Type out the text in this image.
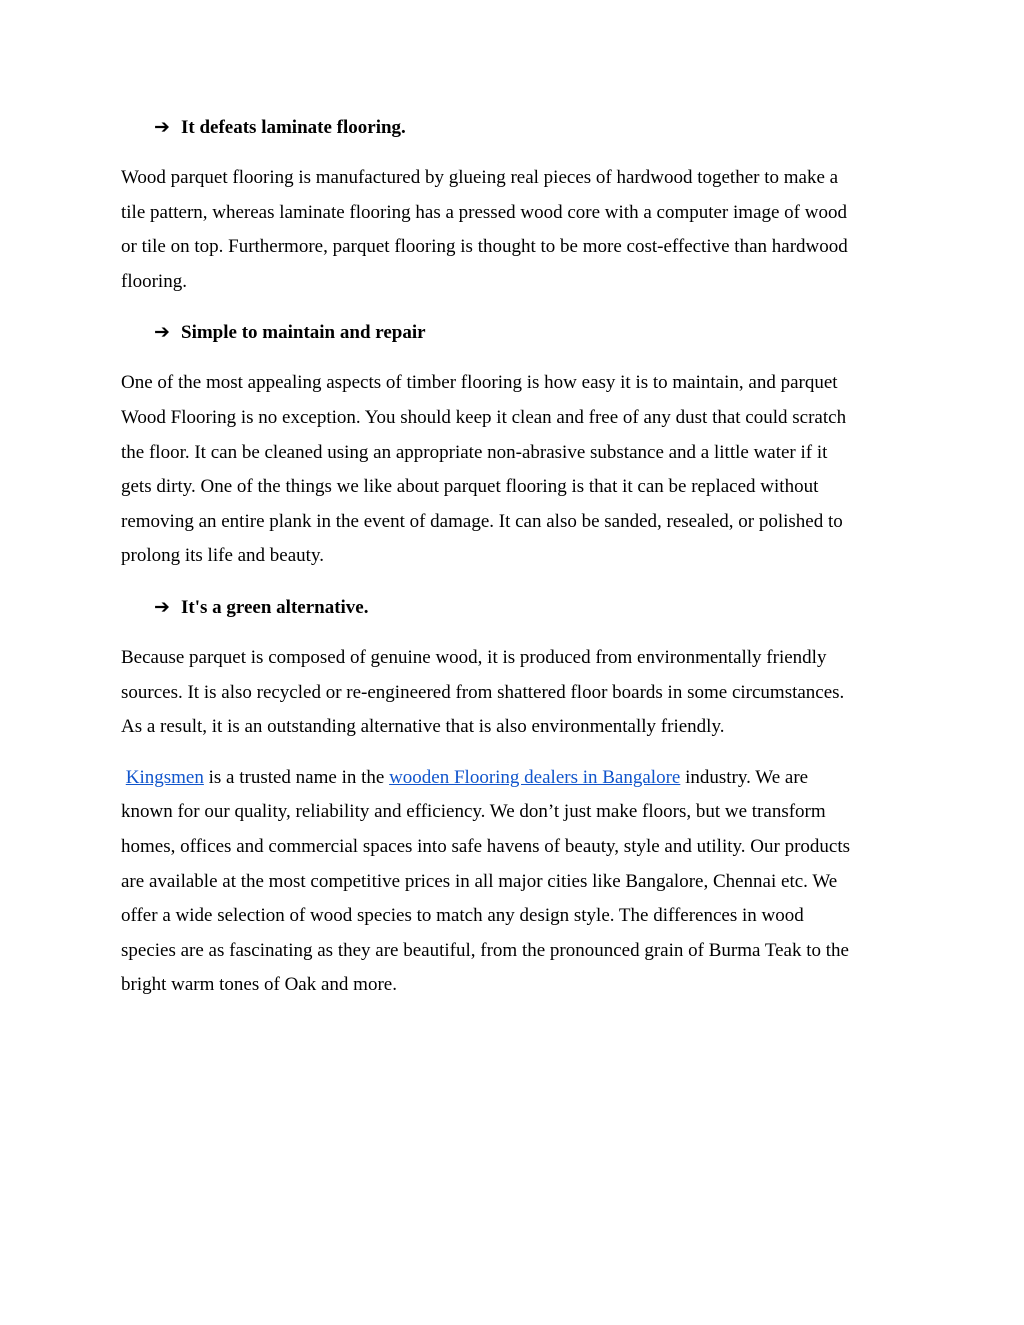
➔ It defeats laminate flooring.
Wood parquet flooring is manufactured by glueing real pieces of hardwood together to make a
tile pattern, whereas laminate flooring has a pressed wood core with a computer image of wood
or tile on top. Furthermore, parquet flooring is thought to be more cost-effective than hardwood
flooring.
➔ Simple to maintain and repair
One of the most appealing aspects of timber flooring is how easy it is to maintain, and parquet
Wood Flooring is no exception. You should keep it clean and free of any dust that could scratch
the floor. It can be cleaned using an appropriate non-abrasive substance and a little water if it
gets dirty. One of the things we like about parquet flooring is that it can be replaced without
removing an entire plank in the event of damage. It can also be sanded, resealed, or polished to
prolong its life and beauty.
➔ It's a green alternative.
Because parquet is composed of genuine wood, it is produced from environmentally friendly
sources. It is also recycled or re-engineered from shattered floor boards in some circumstances.
As a result, it is an outstanding alternative that is also environmentally friendly.
Kingsmen is a trusted name in the wooden Flooring dealers in Bangalore industry. We are
known for our quality, reliability and efficiency. We don’t just make floors, but we transform
homes, offices and commercial spaces into safe havens of beauty, style and utility. Our products
are available at the most competitive prices in all major cities like Bangalore, Chennai etc. We
offer a wide selection of wood species to match any design style. The differences in wood
species are as fascinating as they are beautiful, from the pronounced grain of Burma Teak to the
bright warm tones of Oak and more.
